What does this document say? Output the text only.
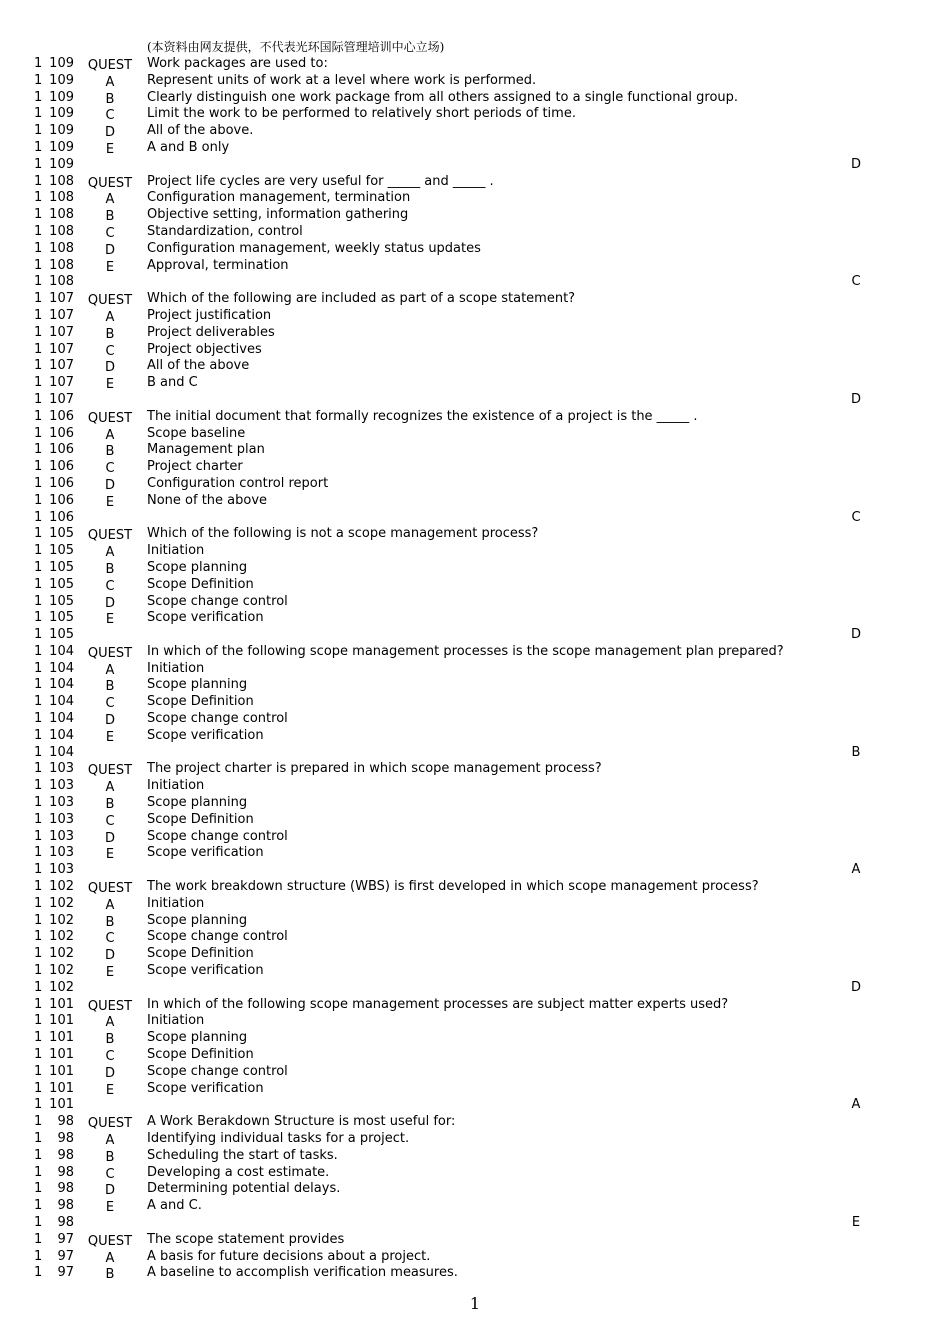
(本资料由网友提供，不代表光环国际管理培训中心立场)
1 109 QUEST Work packages are used to:
1 109	A	Represent units of work at a level where work is performed.
1 109	B	Clearly distinguish one work package from all others assigned to a single functional group.
1 109	C	Limit the work to be performed to relatively short periods of time.
1 109	D	All of the above.
1 109	E	A and B only
1 109	D
1 108 QUEST Project life cycles are very useful for _____ and _____ .
1 108	A	Configuration management, termination
1 108	B	Objective setting, information gathering
1 108	C	Standardization, control
1 108	D	Configuration management, weekly status updates
1 108	E	Approval, termination
1 108	C
1 107 QUEST Which of the following are included as part of a scope statement?
1 107	A	Project justification
1 107	B	Project deliverables
1 107	C	Project objectives
1 107	D	All of the above
1 107	E	B and C
1 107	D
1 106 QUEST The initial document that formally recognizes the existence of a project is the _____ .
1 106	A	Scope baseline
1 106	B	Management plan
1 106	C	Project charter
1 106	D	Configuration control report
1 106	E	None of the above
1 106	C
1 105 QUEST Which of the following is not a scope management process?
1 105	A	Initiation
1 105	B	Scope planning
1 105	C	Scope Definition
1 105	D	Scope change control
1 105	E	Scope verification
1 105	D
1 104 QUEST In which of the following scope management processes is the scope management plan prepared?
1 104	A	Initiation
1 104	B	Scope planning
1 104	C	Scope Definition
1 104	D	Scope change control
1 104	E	Scope verification
1 104	B
1 103 QUEST The project charter is prepared in which scope management process?
1 103	A	Initiation
1 103	B	Scope planning
1 103	C	Scope Definition
1 103	D	Scope change control
1 103	E	Scope verification
1 103	A
1 102 QUEST The work breakdown structure (WBS) is first developed in which scope management process?
1 102	A	Initiation
1 102	B	Scope planning
1 102	C	Scope change control
1 102	D	Scope Definition
1 102	E	Scope verification
1 102	D
1 101 QUEST In which of the following scope management processes are subject matter experts used?
1 101	A	Initiation
1 101	B	Scope planning
1 101	C	Scope Definition
1 101	D	Scope change control
1 101	E	Scope verification
1 101	A
1	98 QUEST A Work Berakdown Structure is most useful for:
1	98	A	Identifying individual tasks for a project.
1	98	B	Scheduling the start of tasks.
1	98	C	Developing a cost estimate.
1	98	D	Determining potential delays.
1	98	E	A and C.
1	98	E
1	97 QUEST The scope statement provides
1	97	A	A basis for future decisions about a project.
1	97	B	A baseline to accomplish verification measures.
1
